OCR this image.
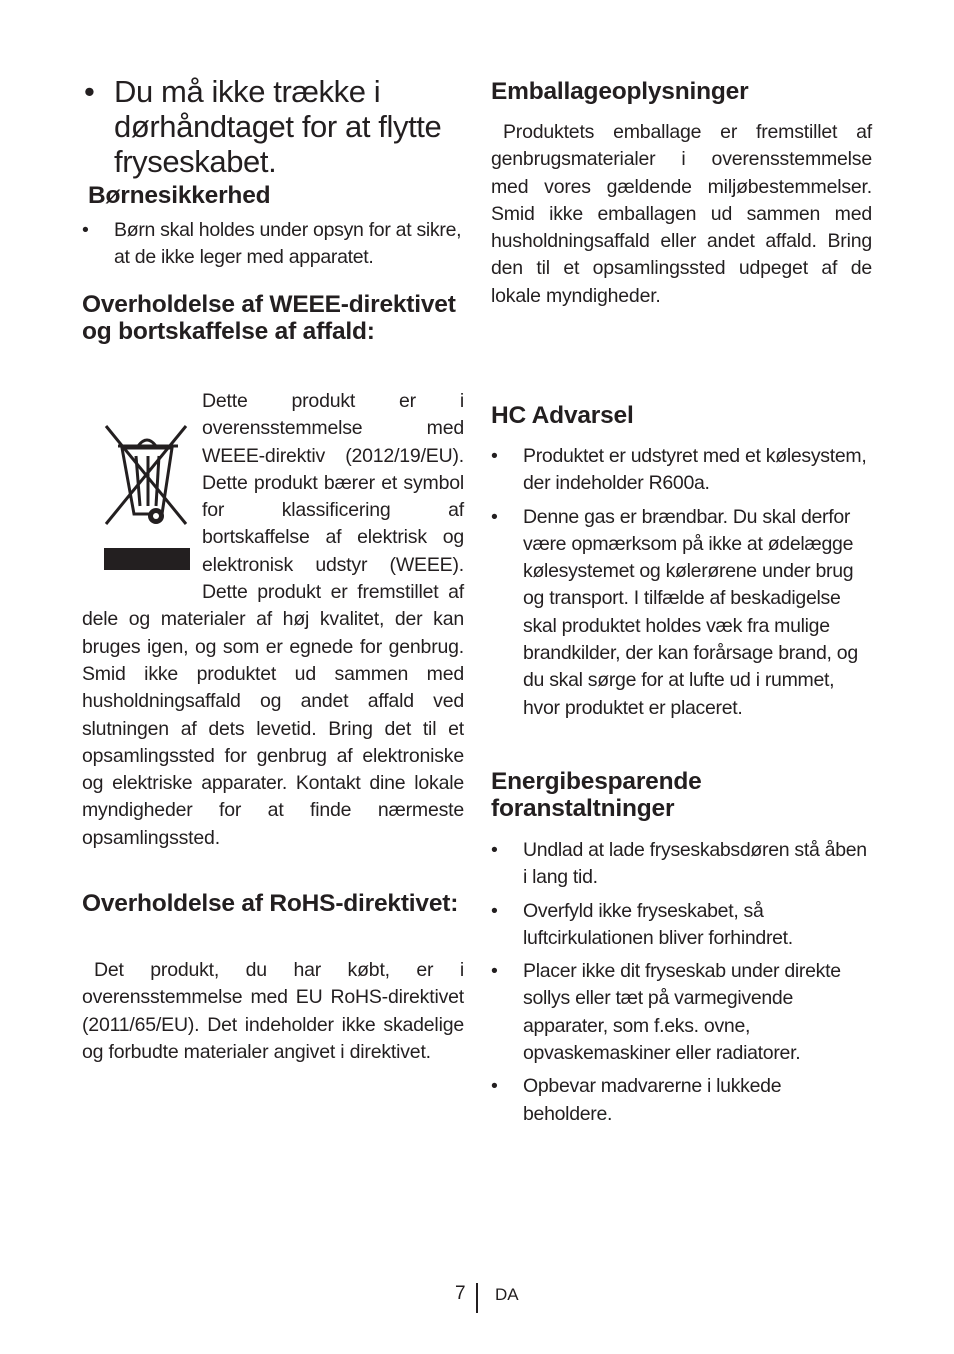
• Du må ikke trække i dørhåndtaget for at flytte fryseskabet.
Børnesikkerhed
• Børn skal holdes under opsyn for at sikre, at de ikke leger med apparatet.
Overholdelse af WEEE-direktivet og bortskaffelse af affald:

Dette produkt er i overensstemmelse med WEEE-direktiv (2012/19/EU). Dette produkt bærer et symbol for klassificering af bortskaffelse af elektrisk og elektronisk udstyr (WEEE). Dette produkt er fremstillet af dele og materialer af høj kvalitet, der kan bruges igen, og som er egnede for genbrug. Smid ikke produktet ud sammen med husholdningsaffald og andet affald ved slutningen af dets levetid. Bring det til et opsamlingssted for genbrug af elektroniske og elektriske apparater. Kontakt dine lokale myndigheder for at finde nærmeste opsamlingssted.

Overholdelse af RoHS-direktivet:

Det produkt, du har købt, er i overensstemmelse med EU RoHS-direktivet (2011/65/EU). Det indeholder ikke skadelige og forbudte materialer angivet i direktivet.

Emballageoplysninger

Produktets emballage er fremstillet af genbrugsmaterialer i overensstemmelse med vores gældende miljøbestemmelser. Smid ikke emballagen ud sammen med husholdningsaffald eller andet affald. Bring den til et opsamlingssted udpeget af de lokale myndigheder.

HC Advarsel
• Produktet er udstyret med et kølesystem, der indeholder R600a.
• Denne gas er brændbar. Du skal derfor være opmærksom på ikke at ødelægge kølesystemet og kølerørene under brug og transport. I tilfælde af beskadigelse skal produktet holdes væk fra mulige brandkilder, der kan forårsage brand, og du skal sørge for at lufte ud i rummet, hvor produktet er placeret.
Energibesparende foranstaltninger
• Undlad at lade fryseskabsdøren stå åben i lang tid.
• Overfyld ikke fryseskabet, så luftcirkulationen bliver forhindret.
• Placer ikke dit fryseskab under direkte sollys eller tæt på varmegivende apparater, som f.eks. ovne, opvaskemaskiner eller radiatorer.
• Opbevar madvarerne i lukkede beholdere.
7 DA
